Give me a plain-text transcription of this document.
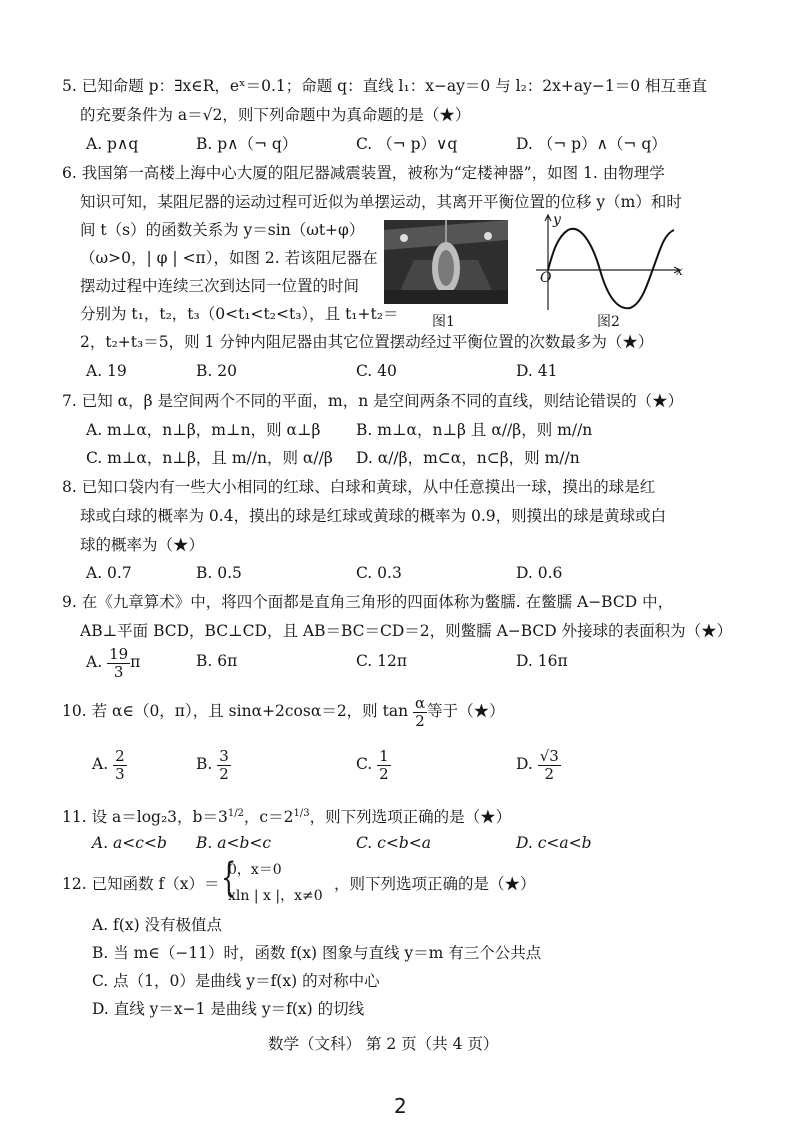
5. 已知命题 p：∃x∈R，eˣ＝0.1；命题 q：直线 l₁：x−ay＝0 与 l₂：2x+ay−1＝0 相互垂直
的充要条件为 a＝√2，则下列命题中为真命题的是（★）
A. p∧q	B. p∧（¬ q）	C. （¬ p）∨q	D. （¬ p）∧（¬ q）
6. 我国第一高楼上海中心大厦的阻尼器减震装置，被称为“定楼神器”，如图 1. 由物理学
知识可知，某阻尼器的运动过程可近似为单摆运动，其离开平衡位置的位移 y（m）和时
间 t（s）的函数关系为 y＝sin（ωt+φ）
（ω>0，| φ | <π），如图 2. 若该阻尼器在
摆动过程中连续三次到达同一位置的时间
分别为 t₁，t₂，t₃（0<t₁<t₂<t₃），且 t₁+t₂＝
2，t₂+t₃＝5，则 1 分钟内阻尼器由其它位置摆动经过平衡位置的次数最多为（★）
图1
y
x
O
图2
A. 19	B. 20	C. 40	D. 41
7. 已知 α，β 是空间两个不同的平面，m，n 是空间两条不同的直线，则结论错误的（★）
A. m⊥α，n⊥β，m⊥n，则 α⊥β B. m⊥α，n⊥β 且 α//β，则 m//n
C. m⊥α，n⊥β，且 m//n，则 α//β D. α//β，m⊂α，n⊂β，则 m//n
8. 已知口袋内有一些大小相同的红球、白球和黄球，从中任意摸出一球，摸出的球是红
球或白球的概率为 0.4，摸出的球是红球或黄球的概率为 0.9，则摸出的球是黄球或白
球的概率为（★）
A. 0.7	B. 0.5	C. 0.3	D. 0.6
9. 在《九章算术》中，将四个面都是直角三角形的四面体称为鳖臑. 在鳖臑 A−BCD 中，
AB⊥平面 BCD，BC⊥CD，且 AB＝BC＝CD＝2，则鳖臑 A−BCD 外接球的表面积为（★）
A. $\frac{19}{3}$ π	B. 6π	C. 12π	D. 16π
10. 若 α∈（0，π），且 sinα+2cosα＝2，则 $\tan \frac{\alpha}{2}$ 等于（★）
A. $\frac{2}{3}$	B. $\frac{3}{2}$	C. $\frac{1}{2}$	D. $\frac{√3}{2}$
11. 设 a＝log₂3，$b=3^{1/2}$，$c=2^{1/3}$，则下列选项正确的是（★）
A. a<c<b B. a<b<c	C. c<b<a	D. c<a<b
12. 已知函数 f（x）＝ {
0，x＝0
xln | x |，x≠0
，则下列选项正确的是（★）
A. f(x) 没有极值点
B. 当 m∈（−11）时，函数 f(x) 图象与直线 y＝m 有三个公共点
C. 点（1，0）是曲线 y＝f(x) 的对称中心
D. 直线 y＝x−1 是曲线 y＝f(x) 的切线
数学（文科） 第 2 页（共 4 页）
2
